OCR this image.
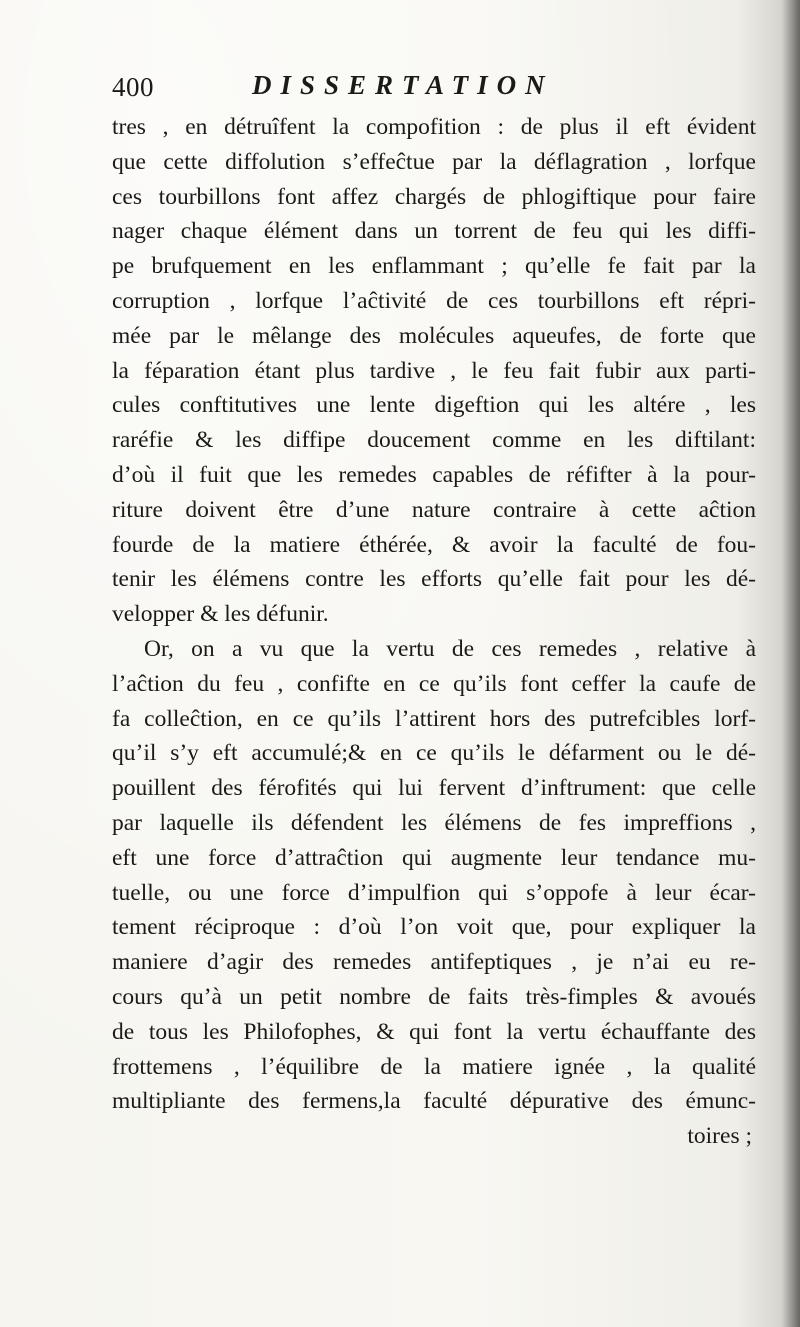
400	DISSERTATION
tres , en détruîfent la compofition : de plus il eft évident
que cette diffolution s’effeĉtue par la déflagration , lorfque
ces tourbillons font affez chargés de phlogiftique pour faire
nager chaque élément dans un torrent de feu qui les diffi-
pe brufquement en les enflammant ; qu’elle fe fait par la
corruption , lorfque l’aĉtivité de ces tourbillons eft répri-
mée par le mêlange des molécules aqueufes, de forte que
la féparation étant plus tardive , le feu fait fubir aux parti-
cules conftitutives une lente digeftion qui les altére , les
raréfie & les diffipe doucement comme en les diftilant:
d’où il fuit que les remedes capables de réfifter à la pour-
riture doivent être d’une nature contraire à cette aĉtion
fourde de la matiere éthérée, & avoir la faculté de fou-
tenir les élémens contre les efforts qu’elle fait pour les dé-
velopper & les défunir.
Or, on a vu que la vertu de ces remedes , relative à
l’aĉtion du feu , confifte en ce qu’ils font ceffer la caufe de
fa colleĉtion, en ce qu’ils l’attirent hors des putrefcibles lorf-
qu’il s’y eft accumulé;& en ce qu’ils le défarment ou le dé-
pouillent des férofités qui lui fervent d’inftrument: que celle
par laquelle ils défendent les élémens de fes impreffions ,
eft une force d’attraĉtion qui augmente leur tendance mu-
tuelle, ou une force d’impulfion qui s’oppofe à leur écar-
tement réciproque : d’où l’on voit que, pour expliquer la
maniere d’agir des remedes antifeptiques , je n’ai eu re-
cours qu’à un petit nombre de faits très-fimples & avoués
de tous les Philofophes, & qui font la vertu échauffante des
frottemens , l’équilibre de la matiere ignée , la qualité
multipliante des fermens,la faculté dépurative des émunc-
toires ;
